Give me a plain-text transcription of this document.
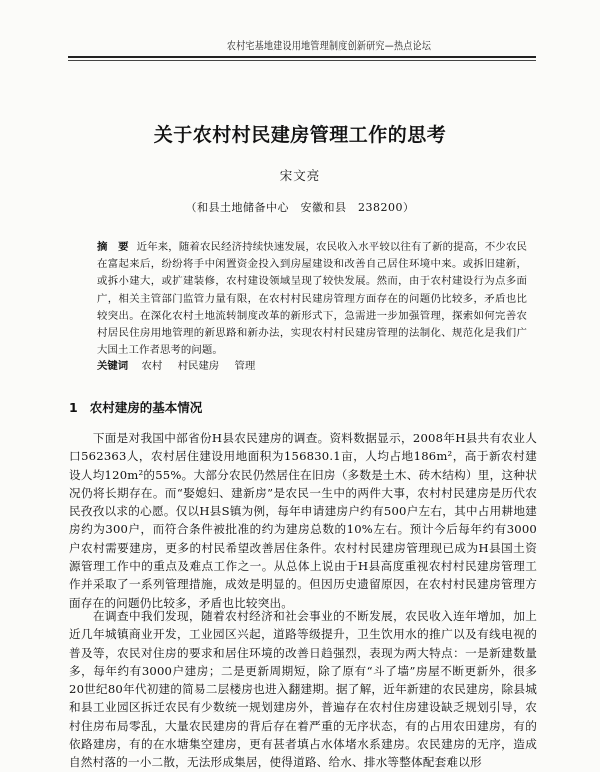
农村宅基地建设用地管理制度创新研究—热点论坛
关于农村村民建房管理工作的思考
宋文亮
（和县土地储备中心　安徽和县　238200）
摘　要 近年来，随着农民经济持续快速发展，农民收入水平较以往有了新的提高，不少农民在富起来后，纷纷将手中闲置资金投入到房屋建设和改善自己居住环境中来。或拆旧建新，或拆小建大，或扩建装修，农村建设领域呈现了较快发展。然而，由于农村建设行为点多面广，相关主管部门监管力量有限，在农村村民建房管理方面存在的问题仍比较多，矛盾也比较突出。在深化农村土地流转制度改革的新形式下，急需进一步加强管理，探索如何完善农村居民住房用地管理的新思路和新办法，实现农村村民建房管理的法制化、规范化是我们广大国土工作者思考的问题。
关键词 农村 村民建房 管理
1 农村建房的基本情况
　　下面是对我国中部省份H县农民建房的调查。资料数据显示，2008年H县共有农业人口562363人，农村居住建设用地面积为156830.1亩，人均占地186m²，高于新农村建设人均120m²的55%。大部分农民仍然居住在旧房（多数是土木、砖木结构）里，这种状况仍将长期存在。而“娶媳妇、建新房”是农民一生中的两件大事，农村村民建房是历代农民孜孜以求的心愿。仅以H县S镇为例，每年申请建房户约有500户左右，其中占用耕地建房约为300户，而符合条件被批准的约为建房总数的10%左右。预计今后每年约有3000户农村需要建房，更多的村民希望改善居住条件。农村村民建房管理现已成为H县国土资源管理工作中的重点及难点工作之一。从总体上说由于H县高度重视农村村民建房管理工作并采取了一系列管理措施，成效是明显的。但因历史遗留原因，在农村村民建房管理方面存在的问题仍比较多，矛盾也比较突出。
　　在调查中我们发现，随着农村经济和社会事业的不断发展，农民收入连年增加，加上近几年城镇商业开发，工业园区兴起，道路等级提升，卫生饮用水的推广以及有线电视的普及等，农民对住房的要求和居住环境的改善日趋强烈，表现为两大特点：一是新建数量多，每年约有3000户建房；二是更新周期短，除了原有“斗了墙”房屋不断更新外，很多20世纪80年代初建的简易二层楼房也进入翻建期。据了解，近年新建的农民建房，除县城和县工业园区拆迁农民有少数统一规划建房外，普遍存在农村住房建设缺乏规划引导，农村住房布局零乱，大量农民建房的背后存在着严重的无序状态，有的占用农田建房，有的依路建房，有的在水塘集空建房，更有甚者填占水体堵水系建房。农民建房的无序，造成自然村落的一小二散，无法形成集居，使得道路、给水、排水等整体配套难以形
